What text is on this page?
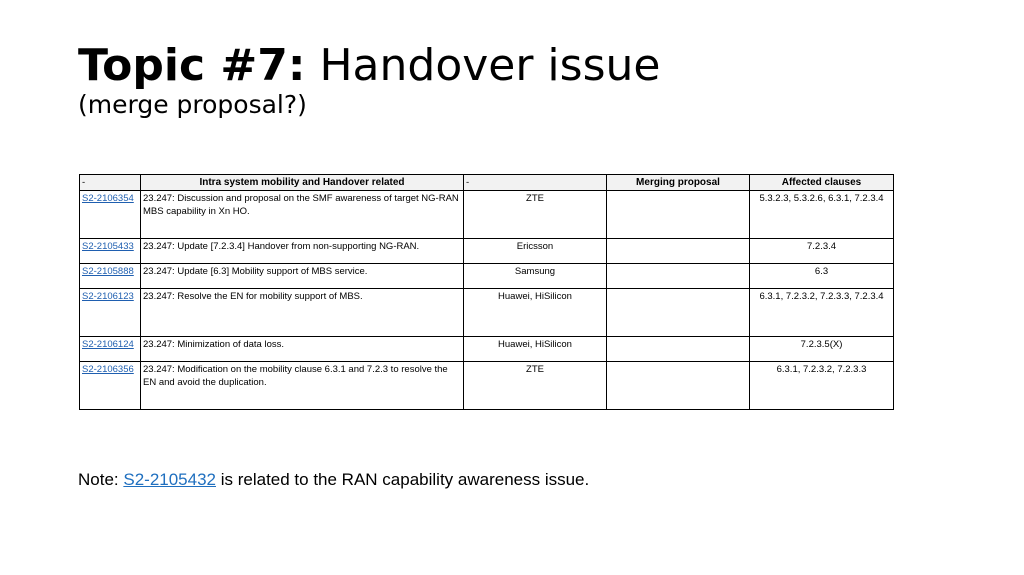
Topic #7: Handover issue
(merge proposal?)
-	Intra system mobility and Handover related	-	Merging proposal	Affected clauses
S2-2106354	23.247: Discussion and proposal on the SMF awareness of target NG-RAN MBS capability in Xn HO.	ZTE		5.3.2.3, 5.3.2.6, 6.3.1, 7.2.3.4
S2-2105433	23.247: Update [7.2.3.4] Handover from non-supporting NG-RAN.	Ericsson		7.2.3.4
S2-2105888	23.247: Update [6.3] Mobility support of MBS service.	Samsung		6.3
S2-2106123	23.247: Resolve the EN for mobility support of MBS.	Huawei, HiSilicon		6.3.1, 7.2.3.2, 7.2.3.3, 7.2.3.4
S2-2106124	23.247: Minimization of data loss.	Huawei, HiSilicon		7.2.3.5(X)
S2-2106356	23.247: Modification on the mobility clause 6.3.1 and 7.2.3 to resolve the EN and avoid the duplication.	ZTE		6.3.1, 7.2.3.2, 7.2.3.3
Note: S2-2105432 is related to the RAN capability awareness issue.
